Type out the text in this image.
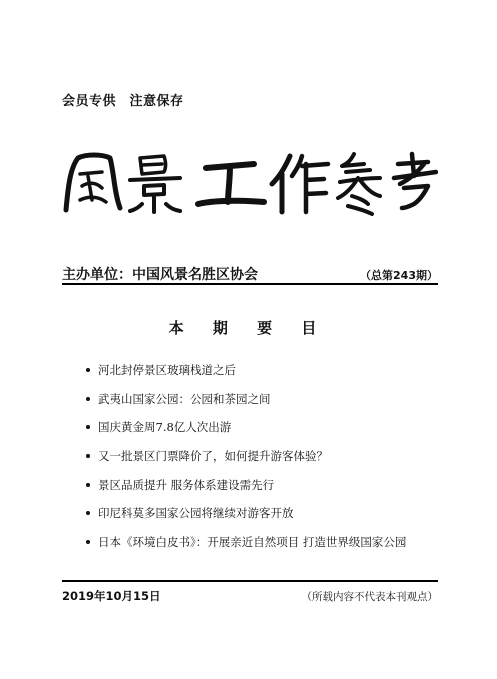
会员专供　注意保存
主办单位：中国风景名胜区协会	（总第243期）
本 期 要 目
河北封停景区玻璃栈道之后
武夷山国家公园：公园和茶园之间
国庆黄金周7.8亿人次出游
又一批景区门票降价了，如何提升游客体验？
景区品质提升 服务体系建设需先行
印尼科莫多国家公园将继续对游客开放
日本《环境白皮书》：开展亲近自然项目 打造世界级国家公园
2019年10月15日	（所载内容不代表本刊观点）
